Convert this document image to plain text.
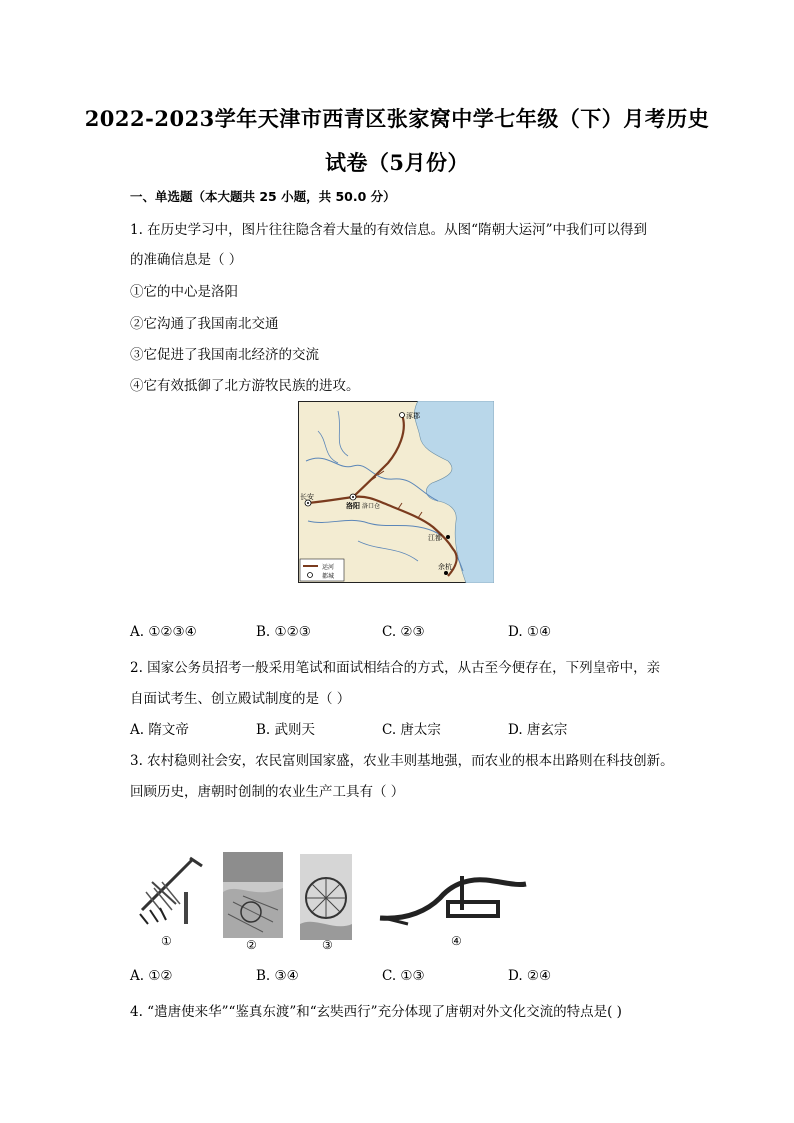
2022-2023学年天津市西青区张家窝中学七年级（下）月考历史
试卷（5月份）
一、单选题（本大题共 25 小题，共 50.0 分）
1. 在历史学习中，图片往往隐含着大量的有效信息。从图“隋朝大运河”中我们可以得到
的准确信息是（ ）
①它的中心是洛阳
②它沟通了我国南北交通
③它促进了我国南北经济的交流
④它有效抵御了北方游牧民族的进攻。
涿郡
长安
洛阳 洛口仓
江都
余杭
运河
都城
A. ①②③④	B. ①②③	C. ②③	D. ①④
2. 国家公务员招考一般采用笔试和面试相结合的方式，从古至今便存在，下列皇帝中，亲
自面试考生、创立殿试制度的是（ ）
A. 隋文帝	B. 武则天	C. 唐太宗	D. 唐玄宗
3. 农村稳则社会安，农民富则国家盛，农业丰则基地强，而农业的根本出路则在科技创新。
回顾历史，唐朝时创制的农业生产工具有（ ）
①	②	③	④
A. ①②	B. ③④	C. ①③	D. ②④
4. “遣唐使来华”“鉴真东渡”和“玄奘西行”充分体现了唐朝对外文化交流的特点是( )
